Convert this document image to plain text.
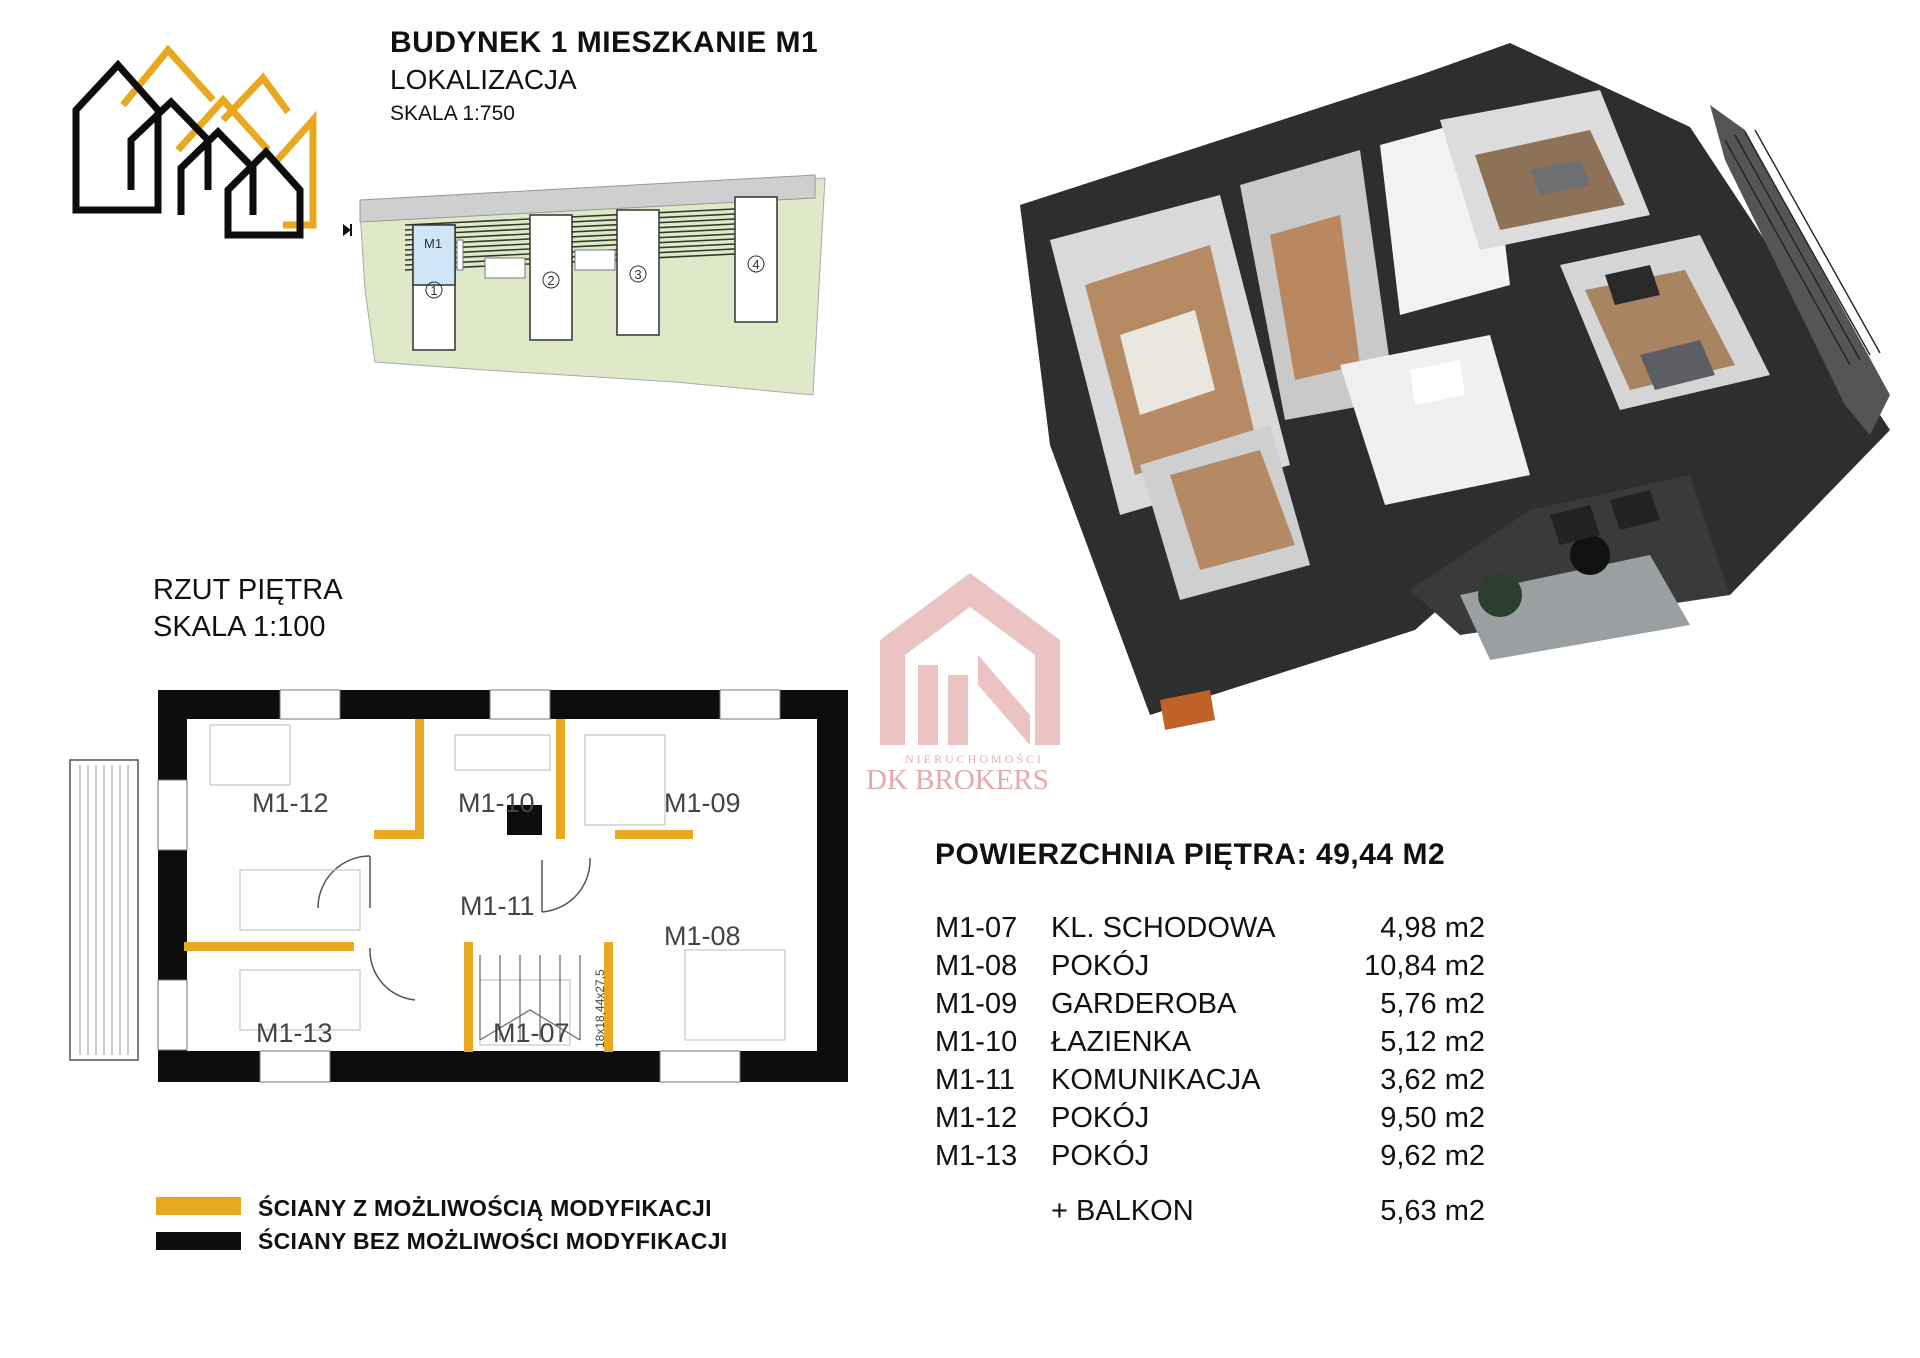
BUDYNEK 1 MIESZKANIE M1
LOKALIZACJA
SKALA 1:750
M1
1
2	3
4
NIERUCHOMOŚCI
DK BROKERS
RZUT PIĘTRA
SKALA 1:100
18x18,44x27,5
M1-12	M1-10	M1-09
M1-11
M1-08
M1-13	M1-07
POWIERZCHNIA PIĘTRA: 49,44 M2
M1-07 KL. SCHODOWA	4,98 m2
M1-08 POKÓJ	10,84 m2
M1-09 GARDEROBA	5,76 m2
M1-10 ŁAZIENKA	5,12 m2
M1-11 KOMUNIKACJA	3,62 m2
M1-12 POKÓJ	9,50 m2
M1-13 POKÓJ	9,62 m2
+ BALKON	5,63 m2
ŚCIANY Z MOŻLIWOŚCIĄ MODYFIKACJI
ŚCIANY BEZ MOŻLIWOŚCI MODYFIKACJI
